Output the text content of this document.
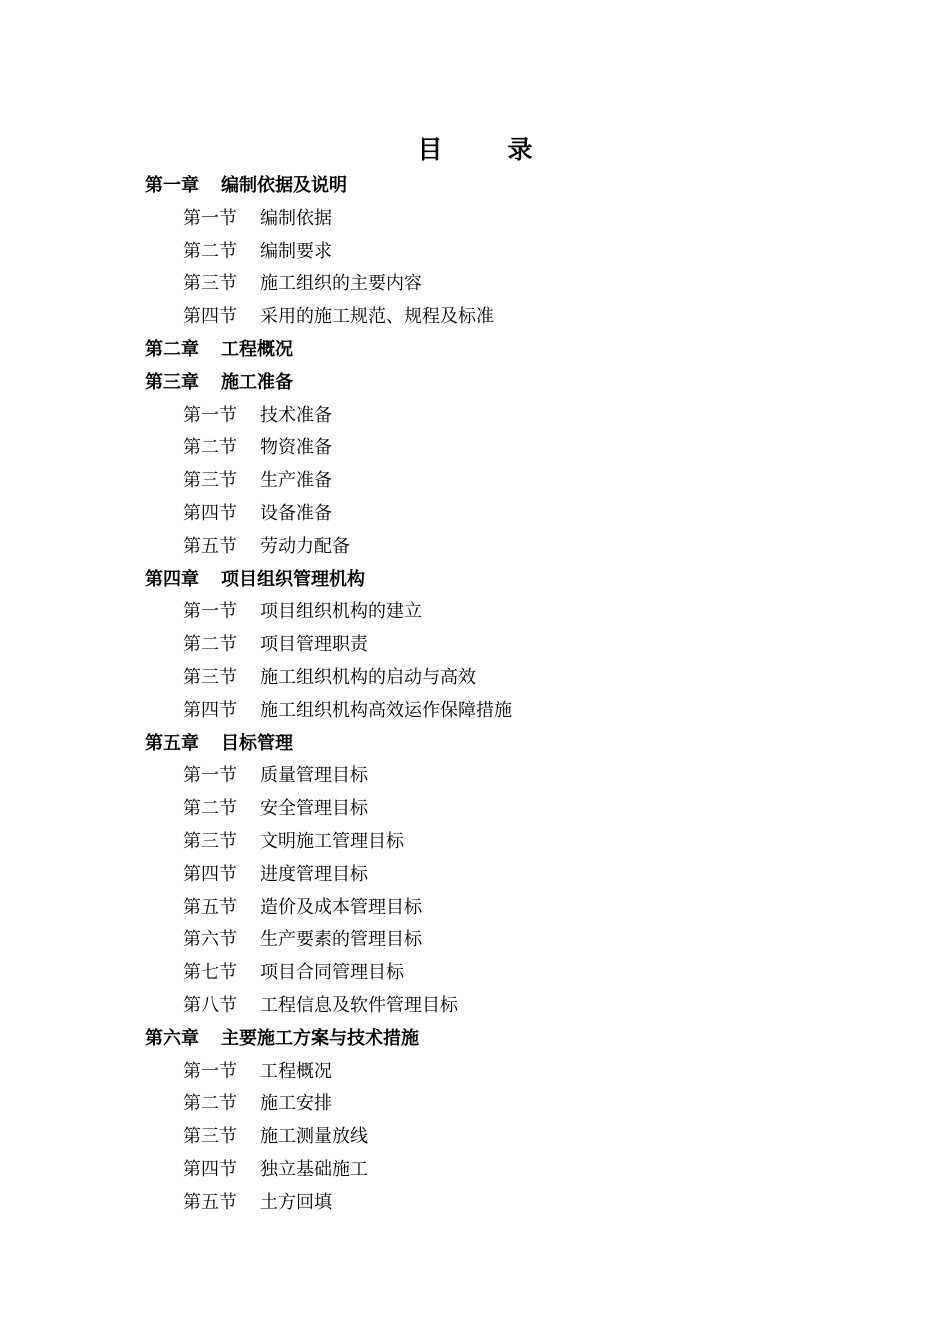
目　录
第一章 编制依据及说明
第一节 编制依据
第二节 编制要求
第三节 施工组织的主要内容
第四节 采用的施工规范、规程及标准
第二章 工程概况
第三章 施工准备
第一节 技术准备
第二节 物资准备
第三节 生产准备
第四节 设备准备
第五节 劳动力配备
第四章 项目组织管理机构
第一节 项目组织机构的建立
第二节 项目管理职责
第三节 施工组织机构的启动与高效
第四节 施工组织机构高效运作保障措施
第五章 目标管理
第一节 质量管理目标
第二节 安全管理目标
第三节 文明施工管理目标
第四节 进度管理目标
第五节 造价及成本管理目标
第六节 生产要素的管理目标
第七节 项目合同管理目标
第八节 工程信息及软件管理目标
第六章 主要施工方案与技术措施
第一节 工程概况
第二节 施工安排
第三节 施工测量放线
第四节 独立基础施工
第五节 土方回填
